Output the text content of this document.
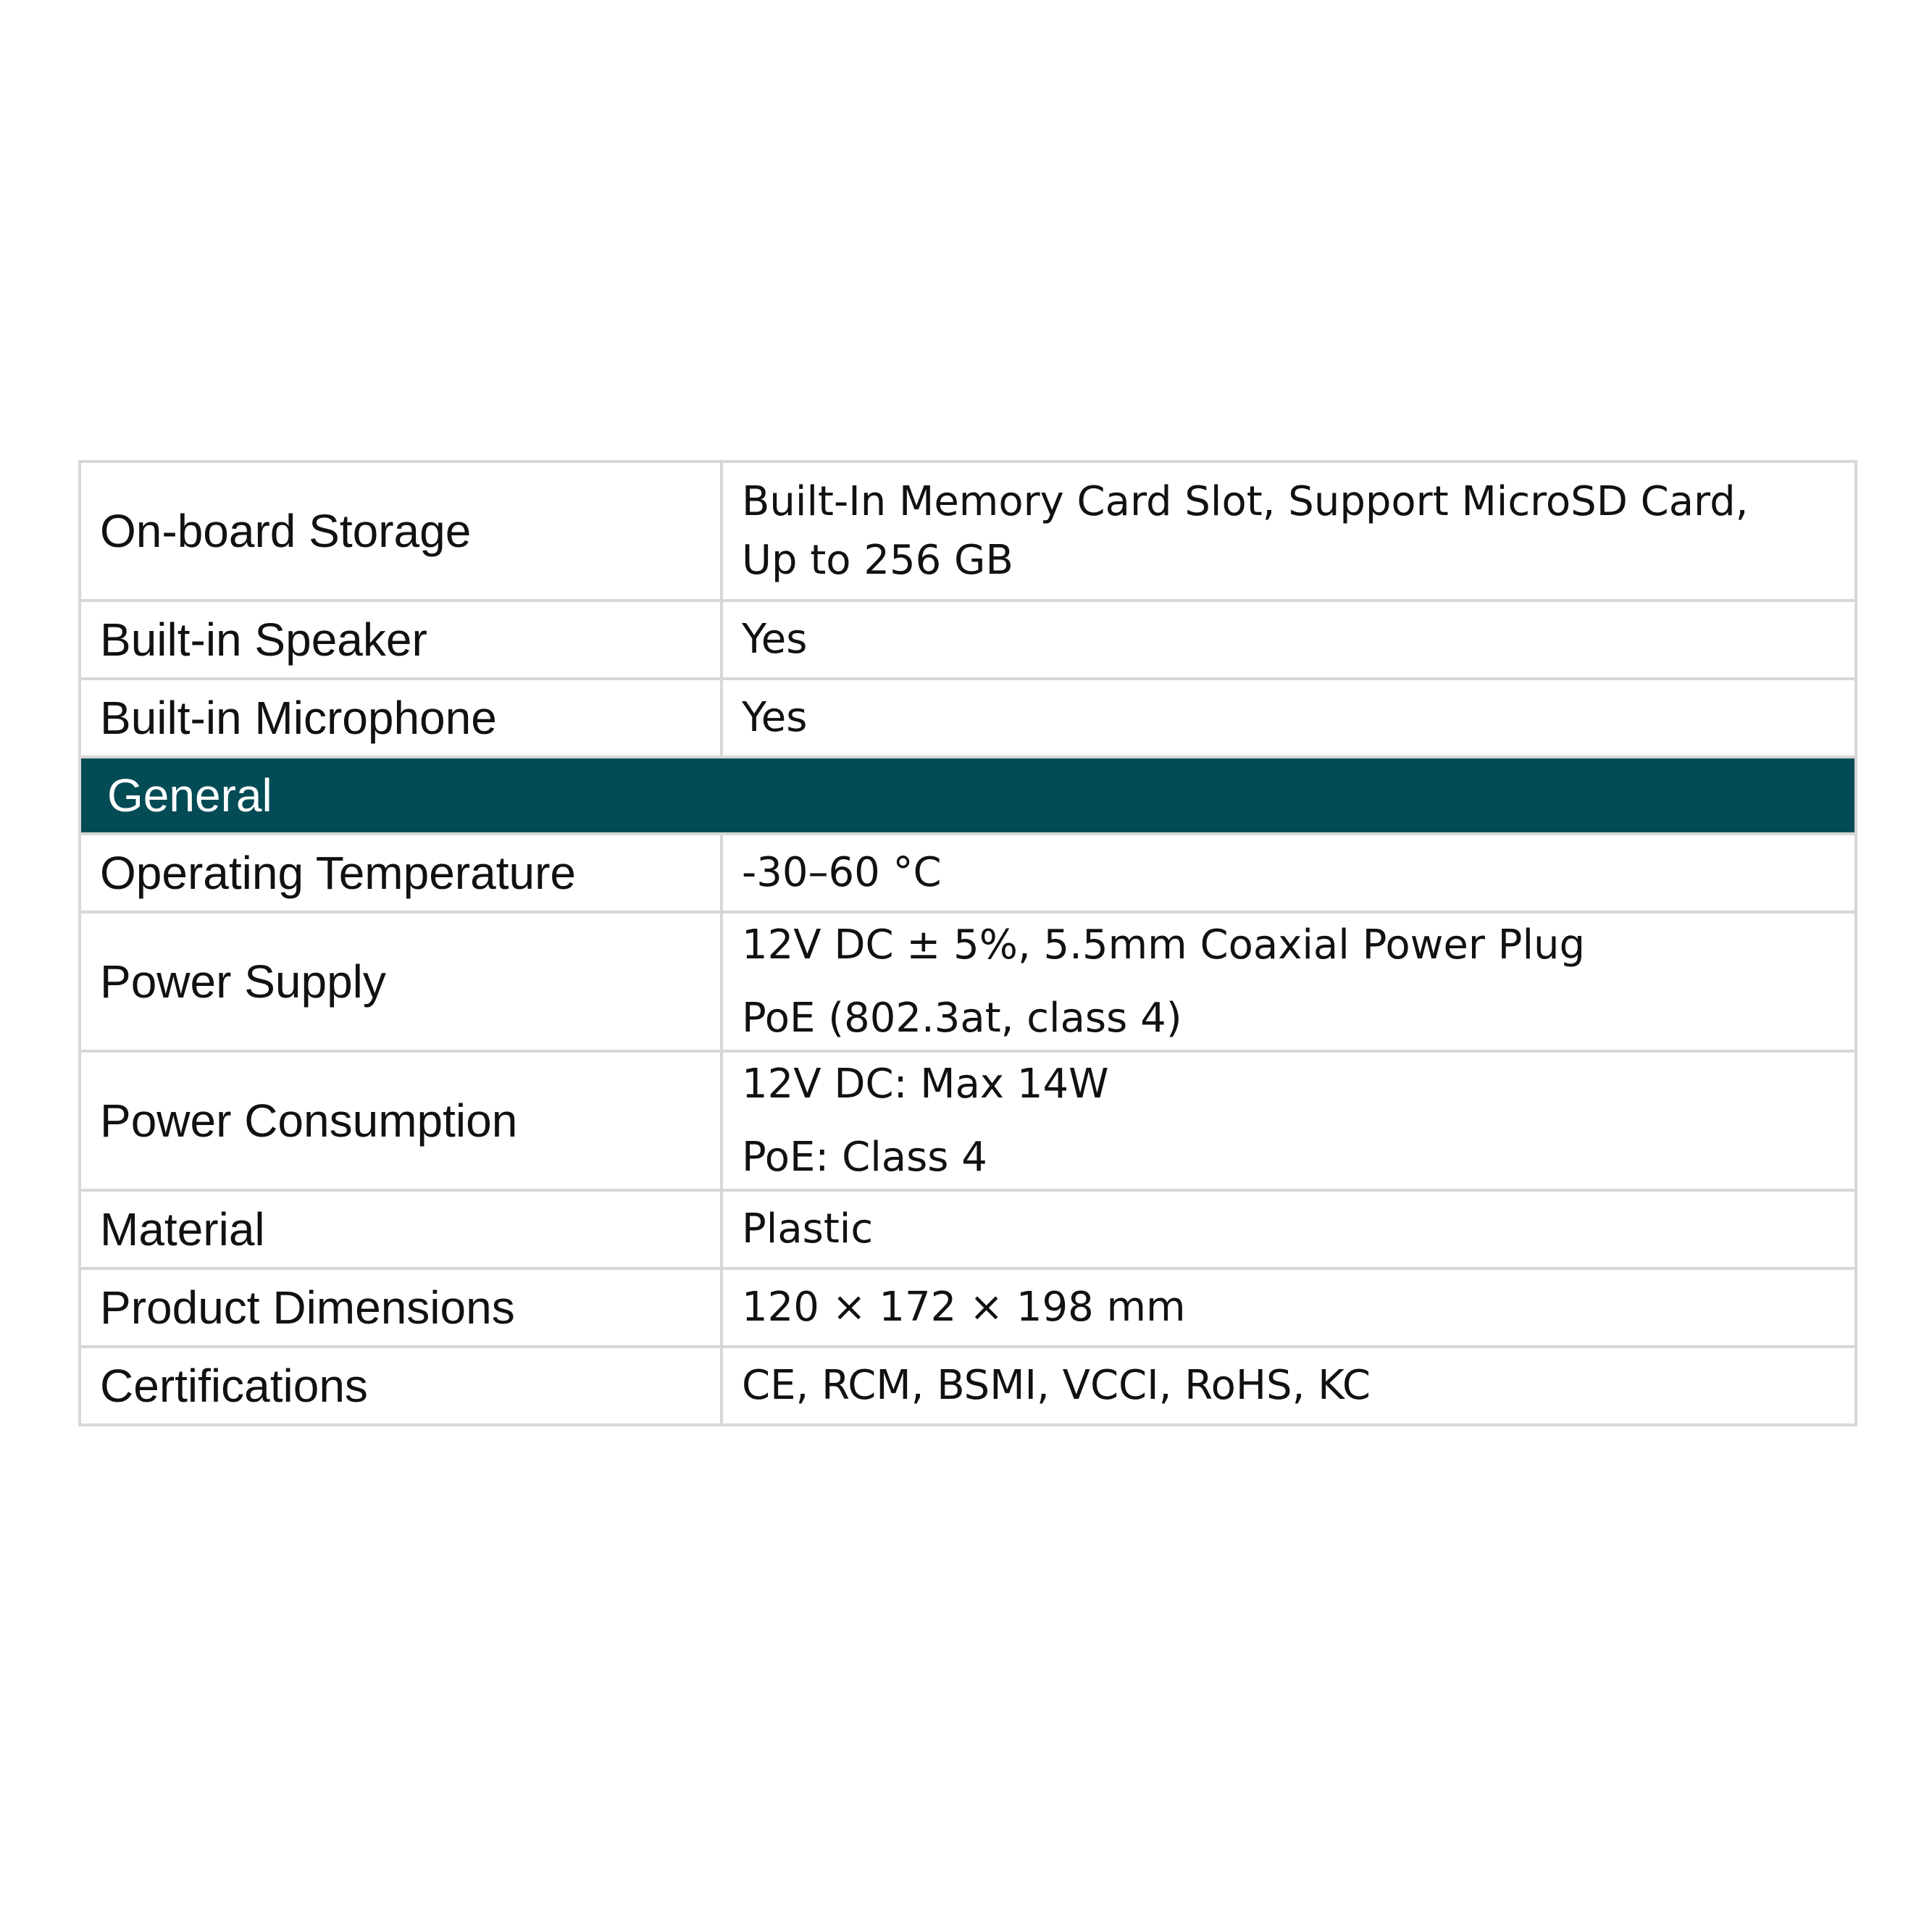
On-board Storage	Built-In Memory Card Slot, Support MicroSD Card,
Up to 256 GB

Built-in Speaker	Yes

Built-in Microphone	Yes

General	
Operating Temperature	-30–60 °C

Power Supply	12V DC ± 5%, 5.5mm Coaxial Power Plug
PoE (802.3at, class 4)

Power Consumption	12V DC: Max 14W
PoE: Class 4

Material	Plastic

Product Dimensions	120 × 172 × 198 mm

Certifications	CE, RCM, BSMI, VCCI, RoHS, KC
